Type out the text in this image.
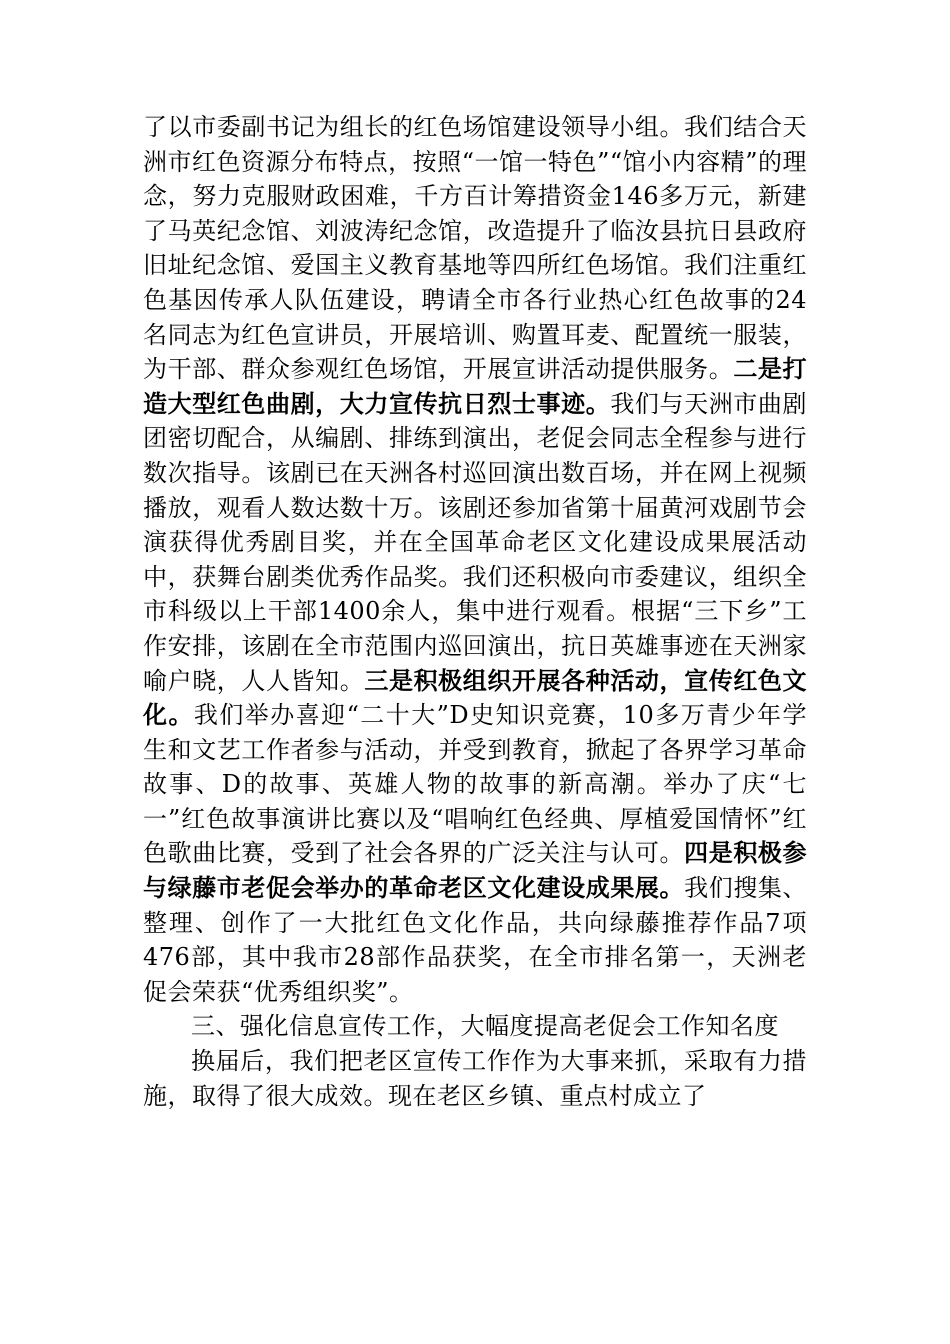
了以市委副书记为组长的红色场馆建设领导小组。我们结合天洲市红色资源分布特点，按照“一馆一特色”“馆小内容精”的理念，努力克服财政困难，千方百计筹措资金146多万元，新建了马英纪念馆、刘波涛纪念馆，改造提升了临汝县抗日县政府旧址纪念馆、爱国主义教育基地等四所红色场馆。我们注重红色基因传承人队伍建设，聘请全市各行业热心红色故事的24名同志为红色宣讲员，开展培训、购置耳麦、配置统一服装，为干部、群众参观红色场馆，开展宣讲活动提供服务。二是打造大型红色曲剧，大力宣传抗日烈士事迹。我们与天洲市曲剧团密切配合，从编剧、排练到演出，老促会同志全程参与进行数次指导。该剧已在天洲各村巡回演出数百场，并在网上视频播放，观看人数达数十万。该剧还参加省第十届黄河戏剧节会演获得优秀剧目奖，并在全国革命老区文化建设成果展活动中，获舞台剧类优秀作品奖。我们还积极向市委建议，组织全市科级以上干部1400余人，集中进行观看。根据“三下乡”工作安排，该剧在全市范围内巡回演出，抗日英雄事迹在天洲家喻户晓，人人皆知。三是积极组织开展各种活动，宣传红色文化。我们举办喜迎“二十大”D史知识竞赛，10多万青少年学生和文艺工作者参与活动，并受到教育，掀起了各界学习革命故事、D的故事、英雄人物的故事的新高潮。举办了庆“七一”红色故事演讲比赛以及“唱响红色经典、厚植爱国情怀”红色歌曲比赛，受到了社会各界的广泛关注与认可。四是积极参与绿藤市老促会举办的革命老区文化建设成果展。我们搜集、整理、创作了一大批红色文化作品，共向绿藤推荐作品7项476部，其中我市28部作品获奖，在全市排名第一，天洲老促会荣获“优秀组织奖”。

三、强化信息宣传工作，大幅度提高老促会工作知名度

换届后，我们把老区宣传工作作为大事来抓，采取有力措施，取得了很大成效。现在老区乡镇、重点村成立了
